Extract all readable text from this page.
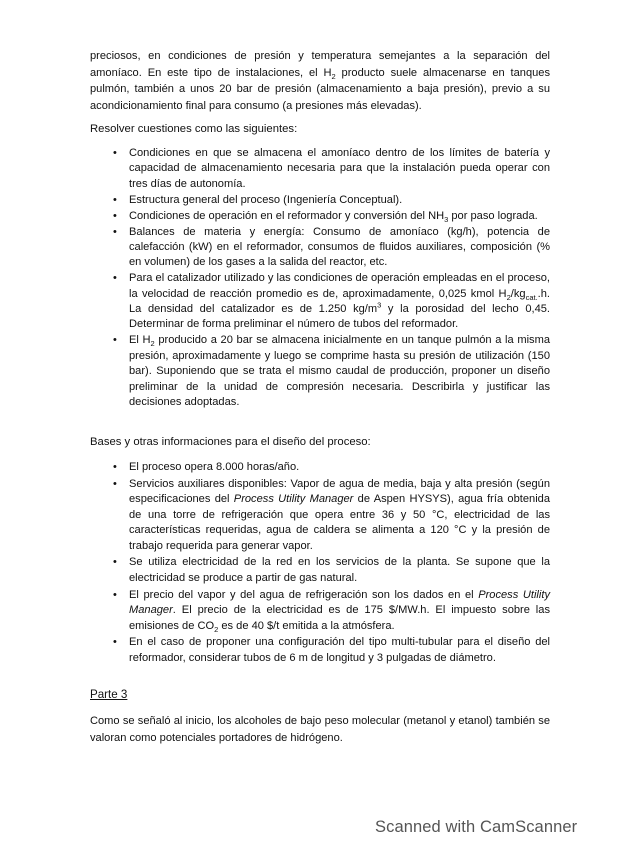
preciosos, en condiciones de presión y temperatura semejantes a la separación del amoníaco. En este tipo de instalaciones, el $H_2$ producto suele almacenarse en tanques pulmón, también a unos 20 bar de presión (almacenamiento a baja presión), previo a su acondicionamiento final para consumo (a presiones más elevadas).

Resolver cuestiones como las siguientes:

• Condiciones en que se almacena el amoníaco dentro de los límites de batería y capacidad de almacenamiento necesaria para que la instalación pueda operar con tres días de autonomía.
• Estructura general del proceso (Ingeniería Conceptual).
• Condiciones de operación en el reformador y conversión del $NH_3$ por paso lograda.
• Balances de materia y energía: Consumo de amoníaco (kg/h), potencia de calefacción (kW) en el reformador, consumos de fluidos auxiliares, composición (% en volumen) de los gases a la salida del reactor, etc.
• Para el catalizador utilizado y las condiciones de operación empleadas en el proceso, la velocidad de reacción promedio es de, aproximadamente, 0,025 kmol $H_2/kg_{cat.}.h$. La densidad del catalizador es de 1.250 $kg/m^3$ y la porosidad del lecho 0,45. Determinar de forma preliminar el número de tubos del reformador.
• El $H_2$ producido a 20 bar se almacena inicialmente en un tanque pulmón a la misma presión, aproximadamente y luego se comprime hasta su presión de utilización (150 bar). Suponiendo que se trata el mismo caudal de producción, proponer un diseño preliminar de la unidad de compresión necesaria. Describirla y justificar las decisiones adoptadas.

Bases y otras informaciones para el diseño del proceso:

• El proceso opera 8.000 horas/año.
• Servicios auxiliares disponibles: Vapor de agua de media, baja y alta presión (según especificaciones del Process Utility Manager de Aspen HYSYS), agua fría obtenida de una torre de refrigeración que opera entre 36 y 50 °C, electricidad de las características requeridas, agua de caldera se alimenta a 120 °C y la presión de trabajo requerida para generar vapor.
• Se utiliza electricidad de la red en los servicios de la planta. Se supone que la electricidad se produce a partir de gas natural.
• El precio del vapor y del agua de refrigeración son los dados en el Process Utility Manager. El precio de la electricidad es de 175 $/MW.h. El impuesto sobre las emisiones de $CO_2$ es de 40 $/t emitida a la atmósfera.
• En el caso de proponer una configuración del tipo multi-tubular para el diseño del reformador, considerar tubos de 6 m de longitud y 3 pulgadas de diámetro.

Parte 3

Como se señaló al inicio, los alcoholes de bajo peso molecular (metanol y etanol) también se valoran como potenciales portadores de hidrógeno.

Scanned with CamScanner
